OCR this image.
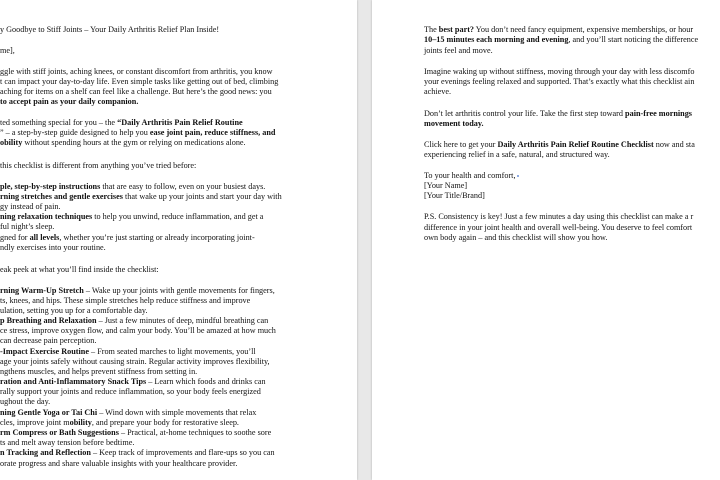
y Goodbye to Stiff Joints – Your Daily Arthritis Relief Plan Inside!
me],
ggle with stiff joints, aching knees, or constant discomfort from arthritis, you know
t can impact your day-to-day life. Even simple tasks like getting out of bed, climbing
aching for items on a shelf can feel like a challenge. But here’s the good news: you
to accept pain as your daily companion.
ted something special for you – the “Daily Arthritis Pain Relief Routine
” – a step-by-step guide designed to help you ease joint pain, reduce stiffness, and
obility without spending hours at the gym or relying on medications alone.
this checklist is different from anything you’ve tried before:
ple, step-by-step instructions that are easy to follow, even on your busiest days.
rning stretches and gentle exercises that wake up your joints and start your day with
gy instead of pain.
ning relaxation techniques to help you unwind, reduce inflammation, and get a
ful night’s sleep.
gned for all levels, whether you’re just starting or already incorporating joint-
ndly exercises into your routine.
eak peek at what you’ll find inside the checklist:
rning Warm-Up Stretch – Wake up your joints with gentle movements for fingers,
ts, knees, and hips. These simple stretches help reduce stiffness and improve
ulation, setting you up for a comfortable day.
p Breathing and Relaxation – Just a few minutes of deep, mindful breathing can
ce stress, improve oxygen flow, and calm your body. You’ll be amazed at how much
can decrease pain perception.
-Impact Exercise Routine – From seated marches to light movements, you’ll
age your joints safely without causing strain. Regular activity improves flexibility,
ngthens muscles, and helps prevent stiffness from setting in.
ration and Anti-Inflammatory Snack Tips – Learn which foods and drinks can
rally support your joints and reduce inflammation, so your body feels energized
ughout the day.
ning Gentle Yoga or Tai Chi – Wind down with simple movements that relax
cles, improve joint mobility, and prepare your body for restorative sleep.
rm Compress or Bath Suggestions – Practical, at-home techniques to soothe sore
ts and melt away tension before bedtime.
n Tracking and Reflection – Keep track of improvements and flare-ups so you can
orate progress and share valuable insights with your healthcare provider.
The best part? You don’t need fancy equipment, expensive memberships, or hour
10–15 minutes each morning and evening, and you’ll start noticing the difference
joints feel and move.
Imagine waking up without stiffness, moving through your day with less discomfo
your evenings feeling relaxed and supported. That’s exactly what this checklist ain
achieve.
Don’t let arthritis control your life. Take the first step toward pain-free mornings
movement today.
Click here to get your Daily Arthritis Pain Relief Routine Checklist now and sta
experiencing relief in a safe, natural, and structured way.
To your health and comfort,
[Your Name]
[Your Title/Brand]
P.S. Consistency is key! Just a few minutes a day using this checklist can make a r
difference in your joint health and overall well-being. You deserve to feel comfort
own body again – and this checklist will show you how.
